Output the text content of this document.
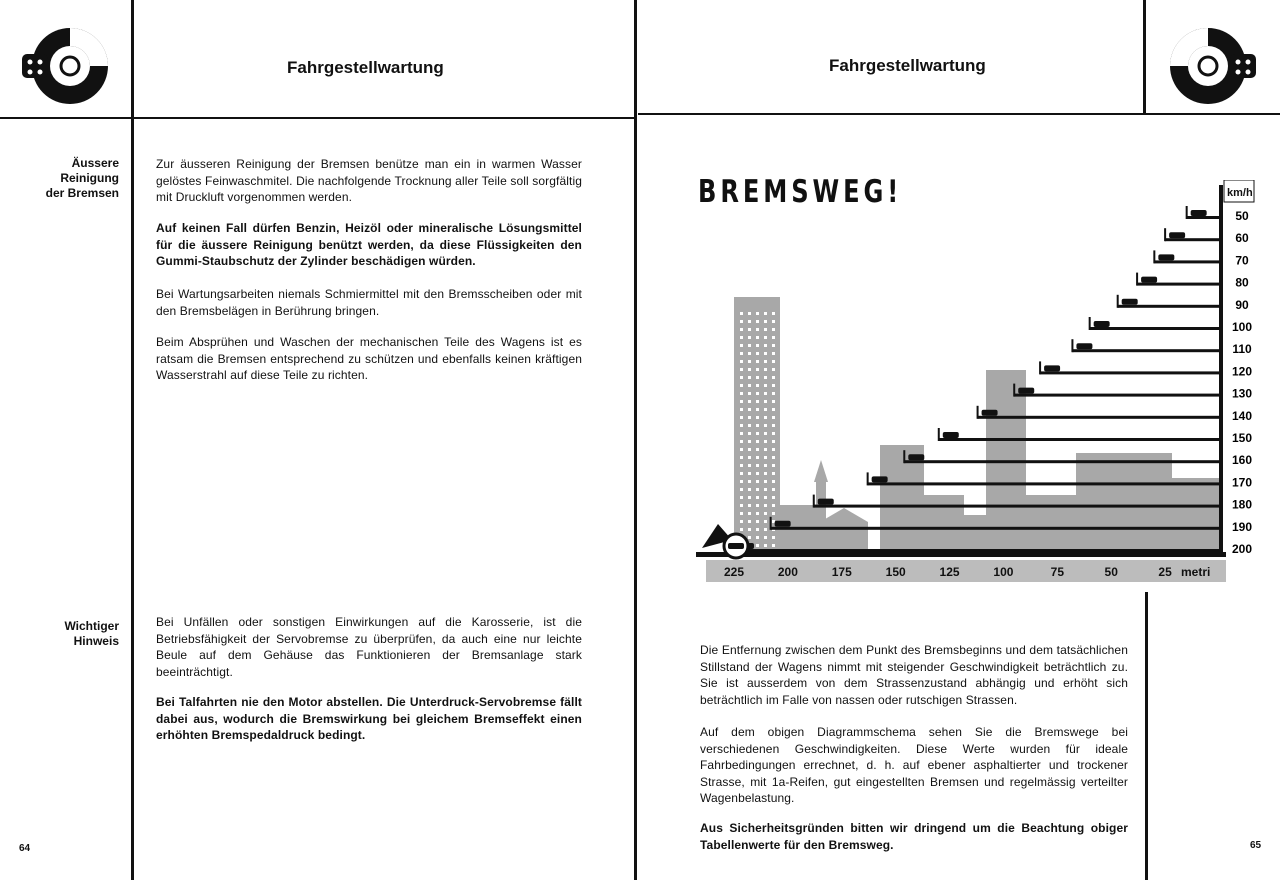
Fahrgestellwartung
Äussere
Reinigung
der Bremsen

Zur äusseren Reinigung der Bremsen benütze man ein in warmen Wasser gelöstes Feinwaschmitel. Die nachfolgende Trocknung aller Teile soll sorgfältig mit Druckluft vorgenommen werden.

Auf keinen Fall dürfen Benzin, Heizöl oder mineralische Lösungsmittel für die äussere Reinigung benützt werden, da diese Flüssigkeiten den Gummi-Staubschutz der Zylinder beschädigen würden.

Bei Wartungsarbeiten niemals Schmiermittel mit den Bremsscheiben oder mit den Bremsbelägen in Berührung bringen.

Beim Absprühen und Waschen der mechanischen Teile des Wagens ist es ratsam die Bremsen entsprechend zu schützen und ebenfalls keinen kräftigen Wasserstrahl auf diese Teile zu richten.

Wichtiger
Hinweis

Bei Unfällen oder sonstigen Einwirkungen auf die Karosserie, ist die Betriebsfähigkeit der Servobremse zu überprüfen, da auch eine nur leichte Beule auf dem Gehäuse das Funktionieren der Bremsanlage stark beeinträchtigt.

Bei Talfahrten nie den Motor abstellen. Die Unterdruck-Servobremse fällt dabei aus, wodurch die Bremswirkung bei gleichem Bremseffekt einen erhöhten Bremspedaldruck bedingt.

64
Fahrgestellwartung
BREMSWEG!
225	200	175	150	125	100	75	50	25 metri
km/h
50
60
70
80
90
100
110
120
130
140
150
160
170
180
190
200

Die Entfernung zwischen dem Punkt des Bremsbeginns und dem tatsächlichen Stillstand der Wagens nimmt mit steigender Geschwindigkeit beträchtlich zu. Sie ist ausserdem von dem Strassenzustand abhängig und erhöht sich beträchtlich im Falle von nassen oder rutschigen Strassen.

Auf dem obigen Diagrammschema sehen Sie die Bremswege bei verschiedenen Geschwindigkeiten. Diese Werte wurden für ideale Fahrbedingungen errechnet, d. h. auf ebener asphaltierter und trockener Strasse, mit 1a-Reifen, gut eingestellten Bremsen und regelmässig verteilter Wagenbelastung.

Aus Sicherheitsgründen bitten wir dringend um die Beachtung obiger Tabellenwerte für den Bremsweg.	65
